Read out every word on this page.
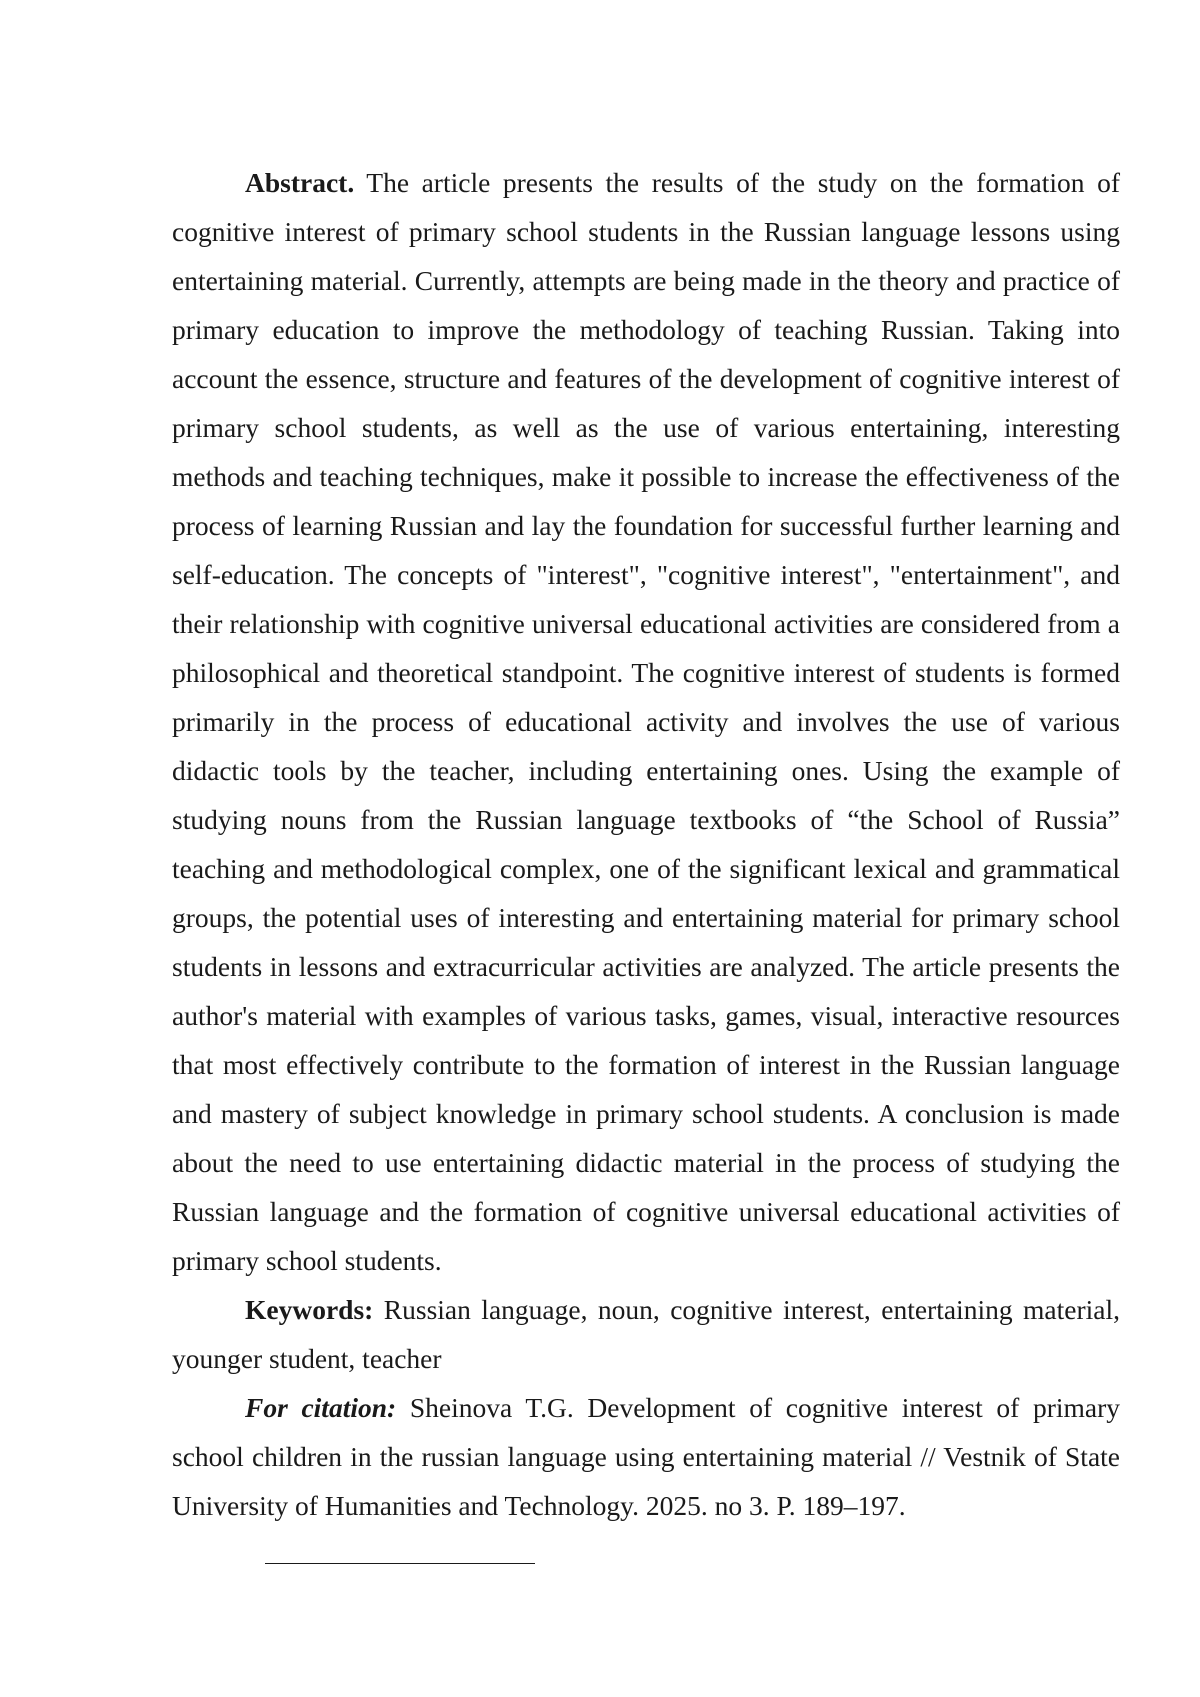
Abstract. The article presents the results of the study on the formation of cognitive interest of primary school students in the Russian language lessons using entertaining material. Currently, attempts are being made in the theory and practice of primary education to improve the methodology of teaching Russian. Taking into account the essence, structure and features of the development of cognitive interest of primary school students, as well as the use of various entertaining, interesting methods and teaching techniques, make it possible to increase the effectiveness of the process of learning Russian and lay the foundation for successful further learning and self-education. The concepts of "interest", "cognitive interest", "entertainment", and their relationship with cognitive universal educational activities are considered from a philosophical and theoretical standpoint. The cognitive interest of students is formed primarily in the process of educational activity and involves the use of various didactic tools by the teacher, including entertaining ones. Using the example of studying nouns from the Russian language textbooks of “the School of Russia” teaching and methodological complex, one of the significant lexical and grammatical groups, the potential uses of interesting and entertaining material for primary school students in lessons and extracurricular activities are analyzed. The article presents the author's material with examples of various tasks, games, visual, interactive resources that most effectively contribute to the formation of interest in the Russian language and mastery of subject knowledge in primary school students. A conclusion is made about the need to use entertaining didactic material in the process of studying the Russian language and the formation of cognitive universal educational activities of primary school students.

Keywords: Russian language, noun, cognitive interest, entertaining material, younger student, teacher

For citation: Sheinova T.G. Development of cognitive interest of primary school children in the russian language using entertaining material // Vestnik of State University of Humanities and Technology. 2025. no 3. P. 189–197.
